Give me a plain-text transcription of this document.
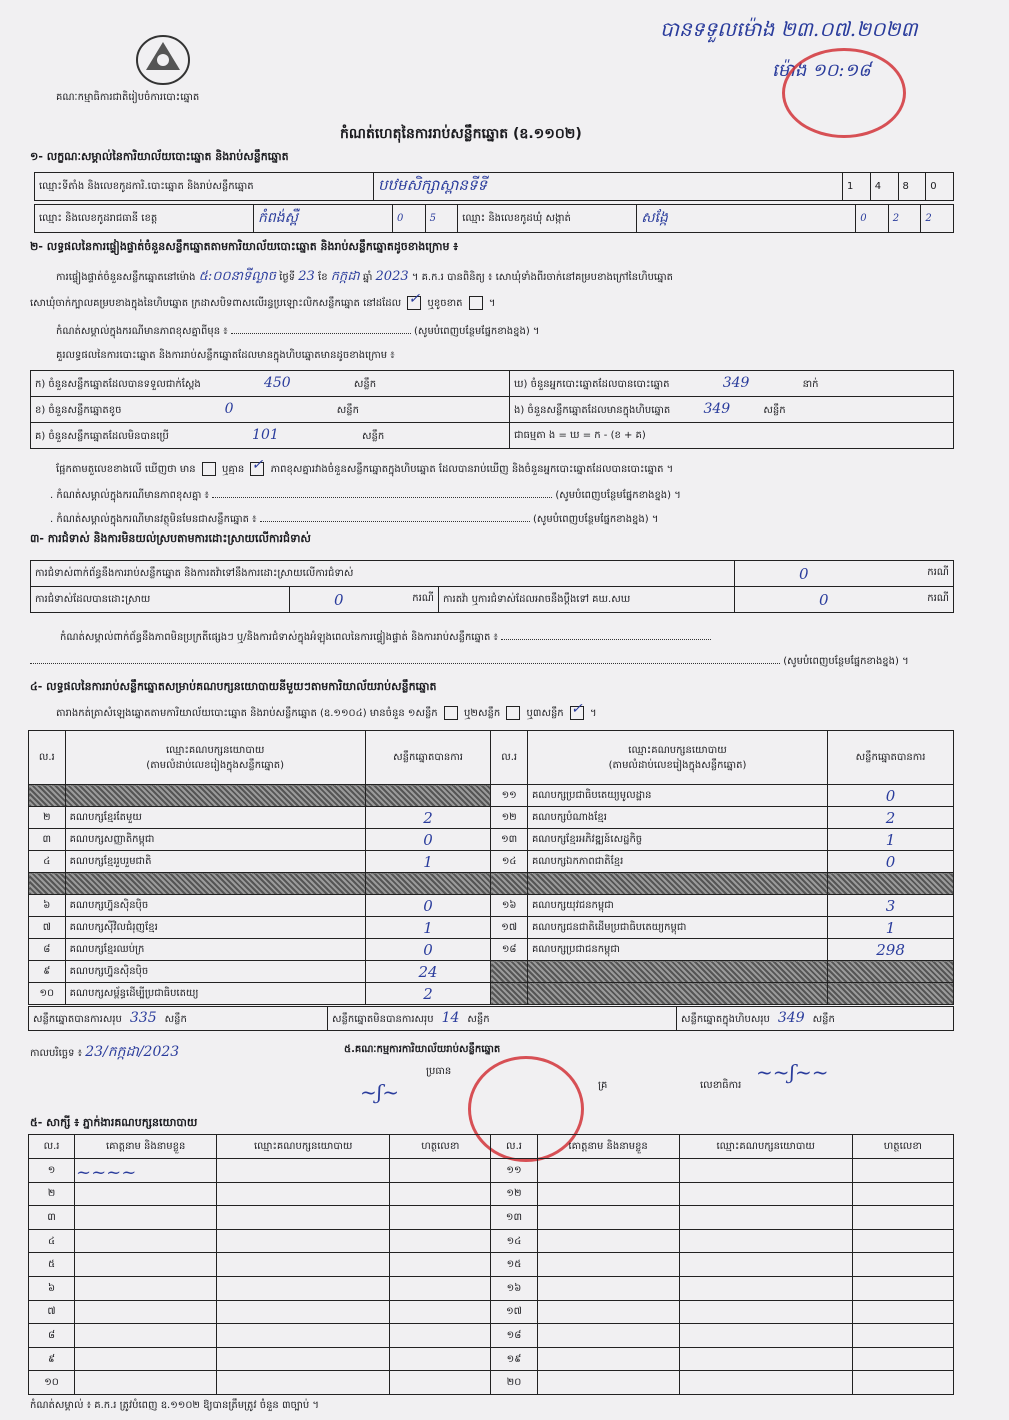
គណៈកម្មាធិការជាតិរៀបចំការបោះឆ្នោត
បានទទួលម៉ោង ២៣.០៧.២០២៣
ម៉ោង ១០:១៨
កំណត់ហេតុនៃការរាប់សន្លឹកឆ្នោត (ឧ.១១០២)
១- លក្ខណៈសម្គាល់នៃការិយាល័យបោះឆ្នោត និងរាប់សន្លឹកឆ្នោត
ឈ្មោះទីតាំង និងលេខកូដការិ.បោះឆ្នោត និងរាប់សន្លឹកឆ្នោត	បឋមសិក្សាស្ពានទីទី	1	4	8	0
ឈ្មោះ និងលេខកូដរាជធានី ខេត្ត	កំពង់ស្ពឺ	0	5	ឈ្មោះ និងលេខកូដឃុំ សង្កាត់	សង្កែ	0	2	2
២- លទ្ធផលនៃការផ្ទៀងផ្ទាត់ចំនួនសន្លឹកឆ្នោតតាមការិយាល័យបោះឆ្នោត និងរាប់សន្លឹកឆ្នោតដូចខាងក្រោម ៖
ការផ្ទៀងផ្ទាត់ចំនួនសន្លឹកឆ្នោតនៅម៉ោង ៥:០០នាទីល្ងាច ថ្ងៃទី 23 ខែ កក្កដា ឆ្នាំ 2023 ។ គ.ក.រ បានពិនិត្យ ៖ សោឃុំទាំងពីរចាក់នៅគម្របខាងក្រៅនៃហិបឆ្នោត
សោឃុំចាក់ក្បាលគម្របខាងក្នុងនៃហិបឆ្នោត ក្រដាសបិទពាសលើរន្ធប្រឡោះលិកសន្លឹកឆ្នោត នៅដដែល ✓ ឬខូចខាត  ។
កំណត់សម្គាល់ក្នុងករណីមានភាពខុសគ្នាពីមុន ៖	(សូមបំពេញបន្ថែមផ្នែកខាងខ្នង) ។
គួរលទ្ធផលនៃការបោះឆ្នោត និងការរាប់សន្លឹកឆ្នោតដែលមានក្នុងហិបឆ្នោតមានដូចខាងក្រោម ៖
ក) ចំនួនសន្លឹកឆ្នោតដែលបានទទួលជាក់ស្តែង 450 សន្លឹក	ឃ) ចំនួនអ្នកបោះឆ្នោតដែលបានបោះឆ្នោត 349 នាក់
ខ) ចំនួនសន្លឹកឆ្នោតខូច 0 សន្លឹក	ង) ចំនួនសន្លឹកឆ្នោតដែលមានក្នុងហិបឆ្នោត 349 សន្លឹក
គ) ចំនួនសន្លឹកឆ្នោតដែលមិនបានប្រើ 101 សន្លឹក	ជាធម្មតា ង = ឃ = ក - (ខ + គ)
ផ្អែកតាមតួលេខខាងលើ ឃើញថា មាន	ឬគ្មាន ✓ ភាពខុសគ្នារវាងចំនួនសន្លឹកឆ្នោតក្នុងហិបឆ្នោត ដែលបានរាប់ឃើញ និងចំនួនអ្នកបោះឆ្នោតដែលបានបោះឆ្នោត ។
. កំណត់សម្គាល់ក្នុងករណីមានភាពខុសគ្នា ៖	(សូមបំពេញបន្ថែមផ្នែកខាងខ្នង) ។
. កំណត់សម្គាល់ក្នុងករណីមានវត្ថុមិនមែនជាសន្លឹកឆ្នោត ៖	(សូមបំពេញបន្ថែមផ្នែកខាងខ្នង) ។
៣- ការជំទាស់ និងការមិនយល់ស្របតាមការដោះស្រាយលើការជំទាស់
ការជំទាស់ពាក់ព័ន្ធនឹងការរាប់សន្លឹកឆ្នោត និងការតវ៉ាទៅនឹងការដោះស្រាយលើការជំទាស់			0 ករណី

ការជំទាស់ដែលបានដោះស្រាយ	0 ករណី	ការតវ៉ា ឬការជំទាស់ដែលអាចនឹងប្តឹងទៅ គឃ.សឃ	0 ករណី
កំណត់សម្គាល់ពាក់ព័ន្ធនឹងភាពមិនប្រក្រតីផ្សេងៗ ឬ/និងការជំទាស់ក្នុងអំឡុងពេលនៃការផ្ទៀងផ្ទាត់ និងការរាប់សន្លឹកឆ្នោត ៖
(សូមបំពេញបន្ថែមផ្នែកខាងខ្នង) ។
៤- លទ្ធផលនៃការរាប់សន្លឹកឆ្នោតសម្រាប់គណបក្សនយោបាយនីមួយៗតាមការិយាល័យរាប់សន្លឹកឆ្នោត
តារាងកត់ត្រាសំឡេងឆ្នោតតាមការិយាល័យបោះឆ្នោត និងរាប់សន្លឹកឆ្នោត (ឧ.១១០៤) មានចំនួន ១សន្លឹក	ឬ២សន្លឹក	ឬ៣សន្លឹក ✓ ។
ល.រ	ឈ្មោះគណបក្សនយោបាយ
(តាមលំដាប់លេខរៀងក្នុងសន្លឹកឆ្នោត)	សន្លឹកឆ្នោតបានការ	ល.រ	ឈ្មោះគណបក្សនយោបាយ
(តាមលំដាប់លេខរៀងក្នុងសន្លឹកឆ្នោត)	សន្លឹកឆ្នោតបានការ
			១១	គណបក្សប្រជាធិបតេយ្យមូលដ្ឋាន	0
២	គណបក្សខ្មែរតែមួយ	2	១២	គណបក្សបំណាងខ្មែរ	2
៣	គណបក្សសញ្ញាតិកម្ពុជា	0	១៣	គណបក្សខ្មែរអភិវឌ្ឍន៍សេដ្ឋកិច្ច	1
៤	គណបក្សខ្មែររួបរួមជាតិ	1	១៤	គណបក្សឯកភាពជាតិខ្មែរ	0

៦	គណបក្សហ្វ៊ុនស៊ិនប៉ិច	0	១៦	គណបក្សយុវជនកម្ពុជា	3
៧	គណបក្សស៊ីវិលជំរុញខ្មែរ	1	១៧	គណបក្សជនជាតិដើមប្រជាធិបតេយ្យកម្ពុជា	1
៨	គណបក្សខ្មែរឈប់ក្រ	0	១៨	គណបក្សប្រជាជនកម្ពុជា	298
៩	គណបក្សហ្វ៊ុនស៊ិនប៉ិច	24			
១០	គណបក្សសម្ព័ន្ធដើម្បីប្រជាធិបតេយ្យ	2			
សន្លឹកឆ្នោតបានការសរុប 335 សន្លឹក	សន្លឹកឆ្នោតមិនបានការសរុប 14 សន្លឹក	សន្លឹកឆ្នោតក្នុងហិបសរុប 349 សន្លឹក
កាលបរិច្ឆេទ ៖ 23/កក្កដា/2023	៥.គណៈកម្មការការិយាល័យរាប់សន្លឹកឆ្នោត
ប្រធាន
គ្រ	លេខាធិការ
~ʃ~
~~ʃ~~
៥- សាក្សី ៖ ភ្នាក់ងារគណបក្សនយោបាយ
ល.រ	គោត្តនាម និងនាមខ្លួន	ឈ្មោះគណបក្សនយោបាយ	ហត្ថលេខា	ល.រ	គោត្តនាម និងនាមខ្លួន	ឈ្មោះគណបក្សនយោបាយ	ហត្ថលេខា
១				១១			
២				១២			
៣				១៣			
៤				១៤			
៥				១៥			
៦				១៦			
៧				១៧			
៨				១៨			
៩				១៩			
១០				២០			
~~~~
កំណត់សម្គាល់ ៖ គ.ក.រ ត្រូវបំពេញ ឧ.១១០២ ឱ្យបានត្រឹមត្រូវ ចំនួន ៣ច្បាប់ ។
